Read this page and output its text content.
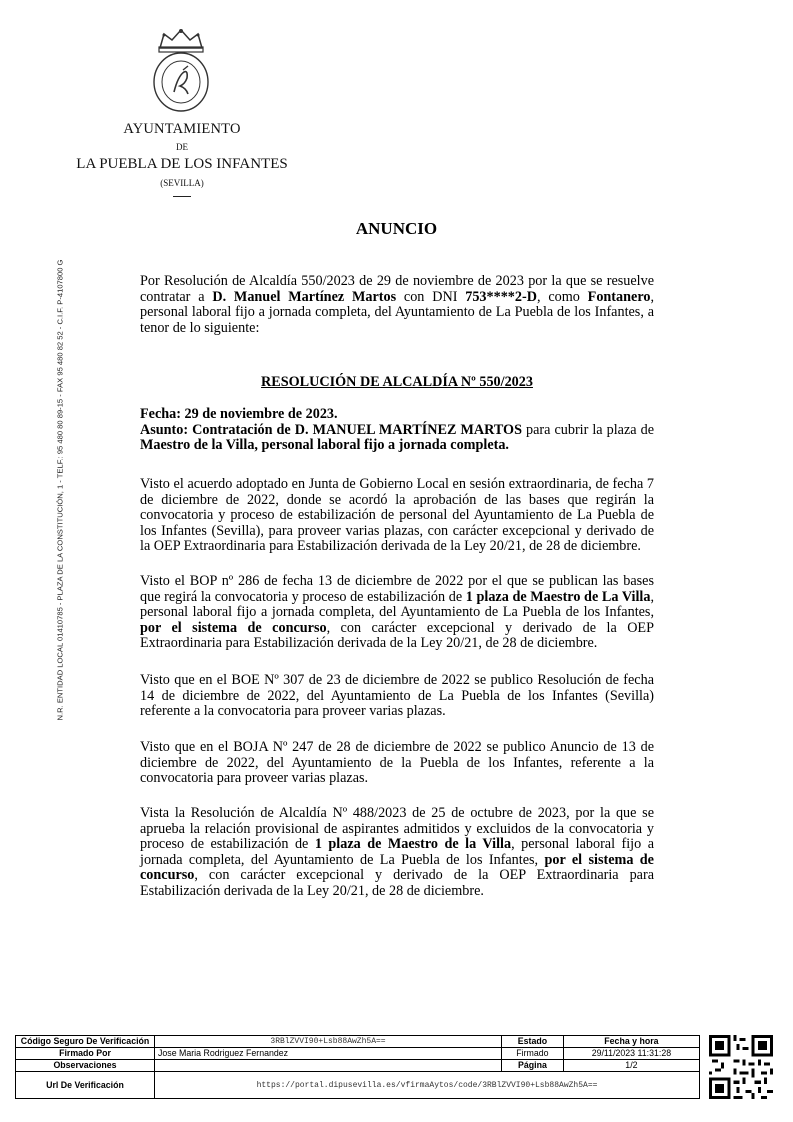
AYUNTAMIENTO
DE
LA PUEBLA DE LOS INFANTES
(SEVILLA)
N.R. ENTIDAD LOCAL 01410785 - PLAZA DE LA CONSTITUCIÓN, 1 - TELF.: 95 480 80 89-15 - FAX 95 480 82 52 - C.I.F. P-4107800 G
ANUNCIO

Por Resolución de Alcaldía 550/2023 de 29 de noviembre de 2023 por la que se resuelve contratar a D. Manuel Martínez Martos con DNI 753****2-D, como Fontanero, personal laboral fijo a jornada completa, del Ayuntamiento de La Puebla de los Infantes, a tenor de lo siguiente:

RESOLUCIÓN DE ALCALDÍA Nº 550/2023

Fecha: 29 de noviembre de 2023.

Asunto: Contratación de D. MANUEL MARTÍNEZ MARTOS para cubrir la plaza de Maestro de la Villa, personal laboral fijo a jornada completa.

Visto el acuerdo adoptado en Junta de Gobierno Local en sesión extraordinaria, de fecha 7 de diciembre de 2022, donde se acordó la aprobación de las bases que regirán la convocatoria y proceso de estabilización de personal del Ayuntamiento de La Puebla de los Infantes (Sevilla), para proveer varias plazas, con carácter excepcional y derivado de la OEP Extraordinaria para Estabilización derivada de la Ley 20/21, de 28 de diciembre.

Visto el BOP nº 286 de fecha 13 de diciembre de 2022 por el que se publican las bases que regirá la convocatoria y proceso de estabilización de 1 plaza de Maestro de La Villa, personal laboral fijo a jornada completa, del Ayuntamiento de La Puebla de los Infantes, por el sistema de concurso, con carácter excepcional y derivado de la OEP Extraordinaria para Estabilización derivada de la Ley 20/21, de 28 de diciembre.

Visto que en el BOE Nº 307 de 23 de diciembre de 2022 se publico Resolución de fecha 14 de diciembre de 2022, del Ayuntamiento de La Puebla de los Infantes (Sevilla) referente a la convocatoria para proveer varias plazas.

Visto que en el BOJA Nº 247 de 28 de diciembre de 2022 se publico Anuncio de 13 de diciembre de 2022, del Ayuntamiento de la Puebla de los Infantes, referente a la convocatoria para proveer varias plazas.

Vista la Resolución de Alcaldía Nº 488/2023 de 25 de octubre de 2023, por la que se aprueba la relación provisional de aspirantes admitidos y excluidos de la convocatoria y proceso de estabilización de 1 plaza de Maestro de la Villa, personal laboral fijo a jornada completa, del Ayuntamiento de La Puebla de los Infantes, por el sistema de concurso, con carácter excepcional y derivado de la OEP Extraordinaria para Estabilización derivada de la Ley 20/21, de 28 de diciembre.

Código Seguro De Verificación	3RBlZVVI90+Lsb88AwZh5A==	Estado	Fecha y hora
Firmado Por	Jose Maria Rodriguez Fernandez	Firmado	29/11/2023 11:31:28
Observaciones		Página	1/2
Url De Verificación	https://portal.dipusevilla.es/vfirmaAytos/code/3RBlZVVI90+Lsb88AwZh5A==		
